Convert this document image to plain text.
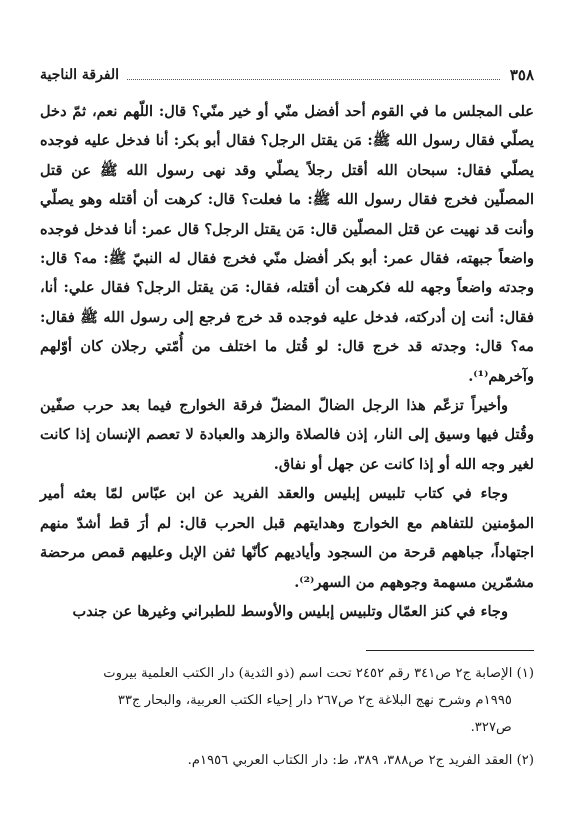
٣٥٨
الفرقة الناجية

على المجلس ما في القوم أحد أفضل منّي أو خير منّي؟ قال: اللّهم نعم، ثمّ دخل يصلّي فقال رسول الله ﷺ: مَن يقتل الرجل؟ فقال أبو بكر: أنا فدخل عليه فوجده يصلّي فقال: سبحان الله أقتل رجلاً يصلّي وقد نهى رسول الله ﷺ عن قتل المصلّين فخرج فقال رسول الله ﷺ: ما فعلت؟ قال: كرهت أن أقتله وهو يصلّي وأنت قد نهيت عن قتل المصلّين قال: مَن يقتل الرجل؟ قال عمر: أنا فدخل فوجده واضعاً جبهته، فقال عمر: أبو بكر أفضل منّي فخرج فقال له النبيّ ﷺ: مه؟ قال: وجدته واضعاً وجهه لله فكرهت أن أقتله، فقال: مَن يقتل الرجل؟ فقال علي: أنا، فقال: أنت إن أدركته، فدخل عليه فوجده قد خرج فرجع إلى رسول الله ﷺ فقال: مه؟ قال: وجدته قد خرج قال: لو قُتل ما اختلف من أُمّتي رجلان كان أوّلهم وآخرهم⁽¹⁾.

وأخيراً تزعّم هذا الرجل الضالّ المضلّ فرقة الخوارج فيما بعد حرب صفّين وقُتل فيها وسيق إلى النار، إذن فالصلاة والزهد والعبادة لا تعصم الإنسان إذا كانت لغير وجه الله أو إذا كانت عن جهل أو نفاق.

وجاء في كتاب تلبيس إبليس والعقد الفريد عن ابن عبّاس لمّا بعثه أمير المؤمنين للتفاهم مع الخوارج وهدايتهم قبل الحرب قال: لم أرَ قط أشدّ منهم اجتهاداً، جباههم قرحة من السجود وأياديهم كأنّها ثفن الإبل وعليهم قمص مرحضة مشمّرين مسهمة وجوههم من السهر⁽²⁾.

وجاء في كنز العمّال وتلبيس إبليس والأوسط للطبراني وغيرها عن جندب

(١) الإصابة ج٢ ص٣٤١ رقم ٢٤٥٢ تحت اسم (ذو الثدية) دار الكتب العلمية بيروت

١٩٩٥م وشرح نهج البلاغة ج٢ ص٢٦٧ دار إحياء الكتب العربية، والبحار ج٣٣

ص٣٢٧.

(٢) العقد الفريد ج٢ ص٣٨٨، ٣٨٩، ط: دار الكتاب العربي ١٩٥٦م.
